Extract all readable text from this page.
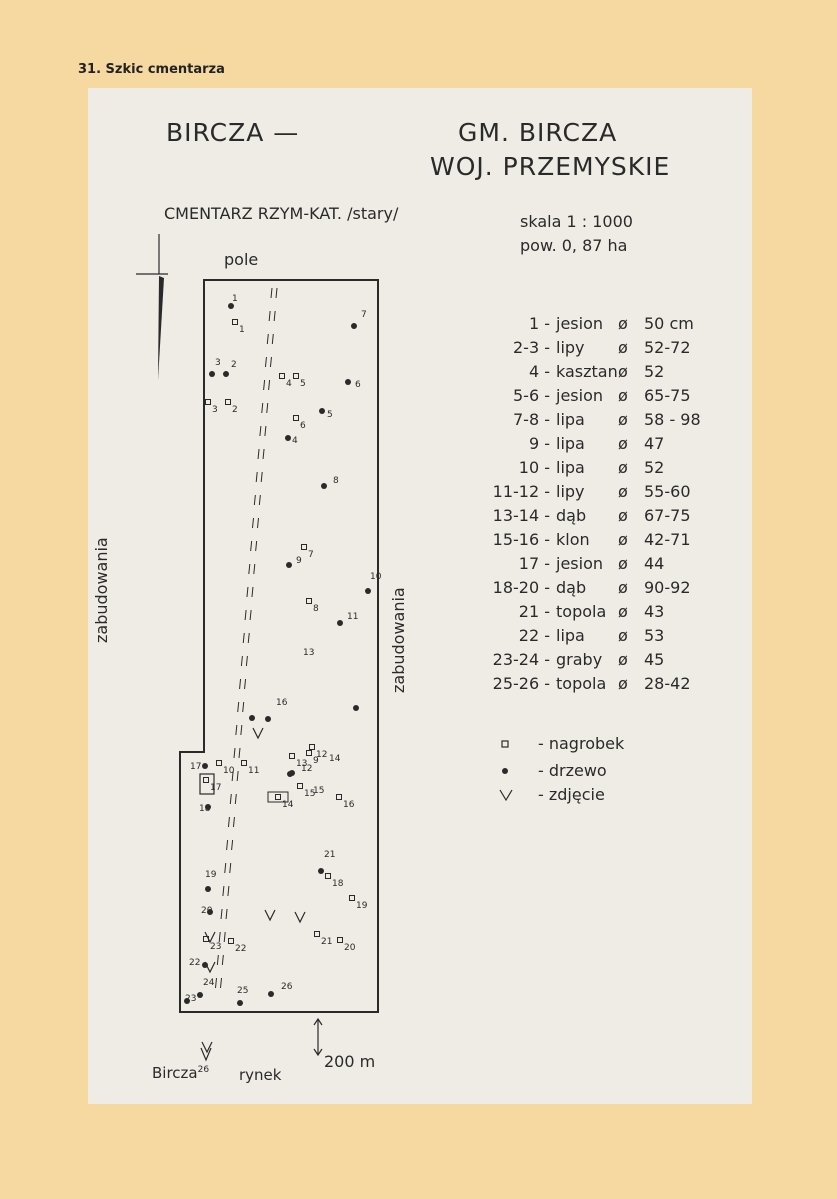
31. Szkic cmentarza
BIRCZA —	GM. BIRCZA
WOJ. PRZEMYSKIE
CMENTARZ RZYM-KAT. /stary/	skala 1 : 1000
pow. 0, 87 ha
pole
zabudowania	zabudowania
Bircza$^{26}$ rynek
200 m
1
2
3
4 5
6
7
8
9
10 11
12
13
14
15
16
17
18
19
20
21
22
23
1
2
3
4
5
6
7
8
9
10
11
12
13
14
15
16
17
18
19
20
21
22
23
24
25	26
1 - jesion ø 50 cm
2-3 - lipy ø 52-72
4 - kasztan ø 52
5-6 - jesion ø 65-75
7-8 - lipa ø 58 - 98
9 - lipa ø 47
10 - lipa ø 52
11-12 - lipy ø 55-60
13-14 - dąb ø 67-75
15-16 - klon ø 42-71
17 - jesion ø 44
18-20 - dąb ø 90-92
21 - topola ø 43
22 - lipa ø 53
23-24 - graby ø 45
25-26 - topola ø 28-42
- nagrobek
- drzewo
- zdjęcie
